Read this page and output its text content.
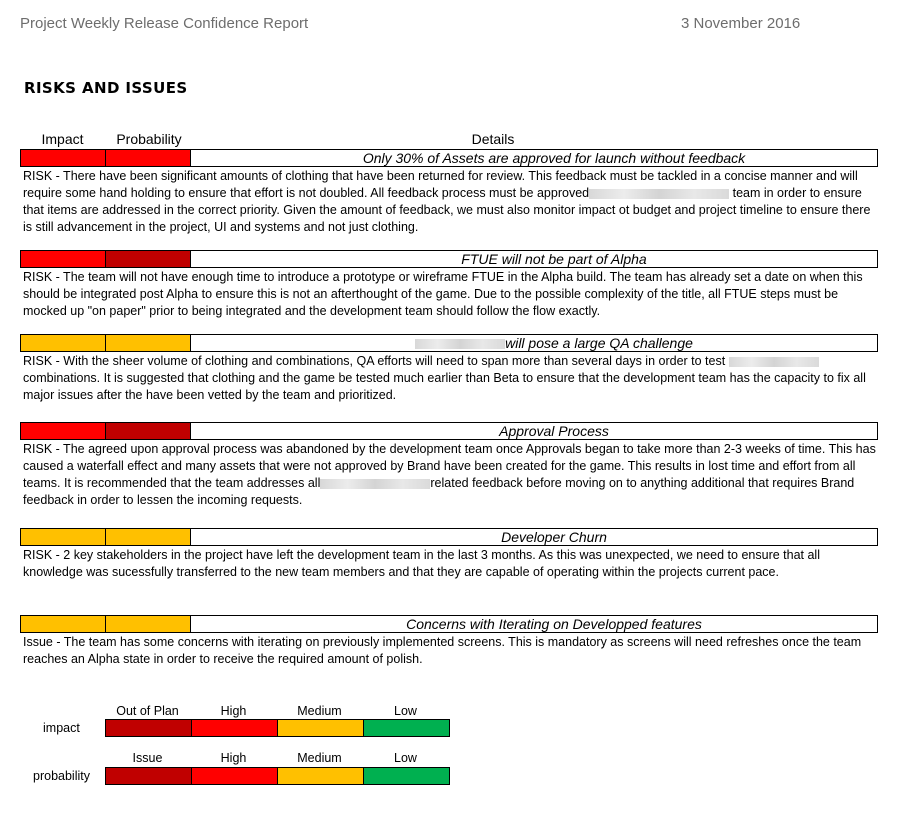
Project Weekly Release Confidence Report	3 November 2016
RISKS AND ISSUES
Impact	Probability	Details
Only 30% of Assets are approved for launch without feedback
RISK - There have been significant amounts of clothing that have been returned for review. This feedback must be tackled in a concise manner and will require some hand holding to ensure that effort is not doubled. All feedback process must be approved	team in order to ensure that items are addressed in the correct priority. Given the amount of feedback, we must also monitor impact ot budget and project timeline to ensure there is still advancement in the project, UI and systems and not just clothing.
FTUE will not be part of Alpha
RISK - The team will not have enough time to introduce a prototype or wireframe FTUE in the Alpha build. The team has already set a date on when this should be integrated post Alpha to ensure this is not an afterthought of the game. Due to the possible complexity of the title, all FTUE steps must be mocked up "on paper" prior to being integrated and the development team should follow the flow exactly.
will pose a large QA challenge
RISK - With the sheer volume of clothing and combinations, QA efforts will need to span more than several days in order to test  combinations. It is suggested that clothing and the game be tested much earlier than Beta to ensure that the development team has the capacity to fix all major issues after the have been vetted by the team and prioritized.
Approval Process
RISK - The agreed upon approval process was abandoned by the development team once Approvals began to take more than 2-3 weeks of time. This has caused a waterfall effect and many assets that were not approved by Brand have been created for the game. This results in lost time and effort from all teams. It is recommended that the team addresses all	related feedback before moving on to anything additional that requires Brand feedback in order to lessen the incoming requests.
Developer Churn
RISK - 2 key stakeholders in the project have left the development team in the last 3 months. As this was unexpected, we need to ensure that all knowledge was sucessfully transferred to the new team members and that they are capable of operating within the projects current pace.
Concerns with Iterating on Developped features
Issue - The team has some concerns with iterating on previously implemented screens. This is mandatory as screens will need refreshes once the team reaches an Alpha state in order to receive the required amount of polish.
Out of Plan	High	Medium	Low
impact
Issue	High	Medium	Low
probability
